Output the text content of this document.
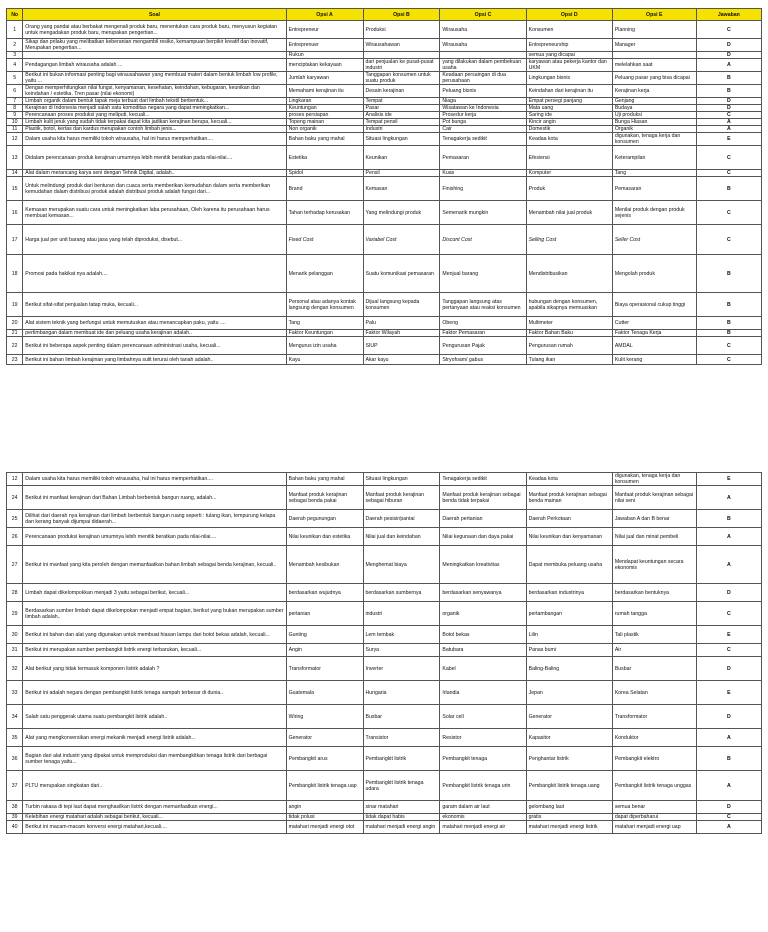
No	Soal	Opsi A	Opsi B	Opsi C	Opsi D	Opsi E	Jawaban
1	Orang yang pandai atau berbakat mengenali produk baru, menentukan cara produk baru, menyusun kegiatan untuk mengadakan produk baru, merupakan pengertian...	Entrepreneur	Produksi	Wirausaha	Konsumen	Planning	C
2	Sikap dan prilaku yang melibatkan keberanian mengambil resiko, kemampuan berpikir kreatif dan inovatif, Merupakan pengertian...	Entreprenuer	Wirausahawan	Wirausaha	Entrepreneurship	Manager	D
3		Rukun			semua yang dicapai		D
4	Pendagangan limbah wirausaha adalah ...	menciptakan kekayaan	dari penjualan ke pusat-pusat industri	yang dilakukan dalam pembekuan usaha	karyawan atau pekerja kantor dan UKM	melelahkan saat	A
5	Berikut ini bukan informasi penting bagi wirausahawan yang membuat materi dalam bentuk limbah low profile, yaitu ...	Jumlah karyawan	Tanggapan konsumen untuk suatu produk	Keadaan persaingan di dua perusahaan	Lingkungan bisnis	Peluang pasar yang bisa dicapai	B
6	Dengan memperhitungkan nilai fungsi, kenyamanan, kesehatan, keindahan, kebugaran, keunikan dan keindahan / estetika. Tren pasar (nilai ekonomi)	Memahami kerajinan itu	Desain kerajinan	Peluang bisnis	Keindahan dari kerajinan itu	Kerajinan kerja	B
7	Limbah organik dalam bentuk tapak meja terbuat dari limbah tekstil berbentuk...	Lingkaran	Tempat	Niaga	Empat persegi panjang	Genjang	D
8	Kerajinan di Indonesia menjadi salah satu komoditas negara yang dapat meningkatkan...	Keuntungan	Pasar	Wisatawan ke Indonesia	Mata uang	Budaya	D
9	Perencanaan proses produksi yang meliputi, kecuali...	proses persiapan	Analisis ide	Prosedur kerja	Saring ide	Uji produksi	C
10	Limbah kulit jeruk yang sudah tidak terpakai dapat kita jadikan kerajinan berupa, kecuali...	Topeng mainan	Tempat pensil	Pot bunga	Kincir angin	Bunga Hiasan	A
11	Plastik, botol, kertas dan kardus merupakan contoh limbah jenis...	Non organik	Industri	Cair	Domestik	Organik	A
12	Dalam usaha kita harus memiliki tokoh wirausaha, hal ini harus memperhatikan....	Bahan baku yang mahal	Situasi lingkungan	Tenagakerja sedikit	Keadaa kota	digunakan, tenaga kerja dan konsumen	E
13	Didalam perencanaan produk kerajinan umumnya lebih menitik beratkan pada nilai-nilai....	Estetika	Keunikan	Pemasaran	Efesiensi	Keterampilan	C
14	Alat dalam merancang karya seni dengan Tehnik Digital, adalah..	Spidol	Pensil	Kuas	Komputer	Tang	C
15	Untuk melindungi produk dari benturan dan cuaca serta memberikan kemudahan dalam serta memberikan kemudahan dalam distribusi produk adalah distribusi produk adalah fungsi dari...	Brand	Kemasan	Finishing	Produk	Pemasaran	B
16	Kemasan merupakan suatu cara untuk meningkatkan laba perusahaan, Oleh karena itu perusahaan harus membuat kemasan...	Tahan terhadap kerusakan	Yang melindungi produk	Semenarik mungkin	Menambah nilai jual produk	Menilai produk dengan produk sejenis	C
17	Harga jual per unit barang atau jasa yang telah diproduksi, disebut...	Fixed Cost	Variabel Cost	Discont Cost	Selling Cost	Seller Cost	C
18	Promosi pada hakikat nya adalah....	Menarik pelanggan	Suatu komunikasi pemasaran	Menjual barang	Mendistribusikan	Mengolah produk	B
19	Berikut sifat-sifat penjualan tatap muka, kecuali...	Personal atau adanya kontak langsung dengan konsumen	Dijual langsung kepada konsumen	Tanggapan langsung atas pertanyaan atau reaksi konsumen	hubungan dengan konsumen, apabila sikapnya memuaskan	Biaya operasional cukup tinggi	B
20	Alat sistem teknik yang berfungsi untuk memutuskan atau menancapkan paku, yaitu ....	Tang	Palu	Obeng	Multimeter	Cutter	B
21	pertimbangan dalam membuat ide dan peluang usaha kerajinan adalah..	Faktor Keuntungan	Faktor Wilayah	Faktor Pemasaran	Faktor Bahan Baku	Faktor Tenaga Kerja	B
22	Berikut ini beberapa aspek penting dalam perencanaan administrasi usaha, kecuali...	Mengurus izin usaha	SIUP	Pengurusan Pajak	Pengurusan rumah	AMDAL	C
23	Berikut ini bahan limbah kerajinan yang limbahnya sulit terurai oleh tanah adalah..	Kayu	Akar kayu	Stryofoam/ gabus	Tulang ikan	Kulit kerang	C
12	Dalam usaha kita harus memiliki tokoh wirausaha, hal ini harus memperhatikan....	Bahan baku yang mahal	Situasi lingkungan	Tenagakerja sedikit	Keadaa kota	digunakan, tenaga kerja dan konsumen	E
24	Berikut ini manfaat kerajinan dari Bahan Limbah berbentuk bangun ruang, adalah...	Manfaat produk kerajinan sebagai benda pakai	Manfaat produk kerajinan sebagai hiburan	Manfaat produk kerajinan sebagai benda tidak terpakai	Manfaat produk kerajinan sebagai benda mainan	Manfaat produk kerajinan sebagai nilai seni	A
25	Dilihat dari daerah nya kerajinan dari limbah berbentuk bangun ruang seperti : tulang ikan, tempurung kelapa dan kerang banyak dijumpai didaerah...	Daerah pegunungan	Daerah pesisir/pantai	Daerah pertanian	Daerah Perkotaan	Jawaban A dan B benar	B
26	Perencanaan produksi kerajinan umumnya lebih menitik beratkan pada nilai-nilai....	Nilai keunikan dan estetika	Nilai jual dan keindahan	Nilai kegunaan dan daya pakai	Nilai keunikan dan kenyamanan	Nilai jual dan minat pembeli	A
27	Berikut ini manfaat yang kita peroleh dengan memanfaatkan bahan limbah sebagai benda kerajinan, kecuali..	Menambah kesibukan	Menghemat biaya	Meningkatkan kreativitas	Dapat membuka peluang usaha	Mendapat keuntungan secara ekonomis	A
28	Limbah dapat dikelompokkan menjadi 3 yaitu sebagai berikut, kecuali...	berdasarkan wujudnya	berdasarkan sumbernya	berdasarkan senyawanya	berdasarkan industrinya	berdasarkan bentuknya	D
29	Berdasarkan sumber limbah dapat dikelompokan menjadi empat bagian, berikut yang bukan merupakan sumber limbah adalah..	pertanian	industri	organik	pertambangan	rumah tangga	C
30	Berikut ini bahan dan alat yang digunakan untuk membuat hiasan lampu dari botol bekas adalah, kecuali...	Gunting	Lem tembak	Botol bekas	Lilin	Tali plastik	E
31	Berikut ini merupakan sumber pembangkit listrik energi terbarukan, kecuali...	Angin	Surya	Batubara	Panas bumi	Air	C
32	Alat berikut yang tidak termasuk komponen listrik adalah ?	Transformator	Inverter	Kabel	Baling-Baling	Busbar	D
33	Berikut ini adalah negara dengan pembangkit listrik tenaga sampah terbesar di dunia..	Guatemala	Hungaria	Irlandia	Jepan	Korea Selatan	E
34	Salah satu penggerak utama suatu pembangkit listrik adalah..	Wiring	Busbar	Solar cell	Generator	Transformator	D
35	Alat yang mengkonversikan energi mekanik menjadi energi listrik adalah...	Generator	Transistor	Resistor	Kapasitor	Konduktor	A
36	Bagian dari alat industri yang dipakai untuk memproduksi dan membangkitkan tenaga listrik dari berbagai sumber tenaga yaitu...	Pembangkit arus	Pembangkit listrik	Pembangkit tenaga	Penghantar listrik	Pembangkit elektro	B
37	PLTU merupakan singkatan dari..	Pembangkit listrik tenaga uap	Pembangkit listrik tenaga udara	Pembangkit listrik tenaga urin	Pembangkit listrik tenaga uang	Pembangkit listrik tenaga unggas	A
38	Turbin rakasa di tepi laut dapat menghasilkan listrik dengan memanfaatkan energi...	angin	sinar matahari	garam dalam air laut	gelombang laut	semua benar	D
39	Kelebihan energi matahari adalah sebagai berikut, kecuali...	tidak polusi	tidak dapat habis	ekonomis	gratis	dapat diperbaharui	C
40	Berikut ini macam-macam konversi energi matahari,kecuali....	matahari menjadi energi otot	matahari menjadi energi angin	matahari menjadi energi air	matahari menjadi energi listrik	matahari menjadi energi uap	A
